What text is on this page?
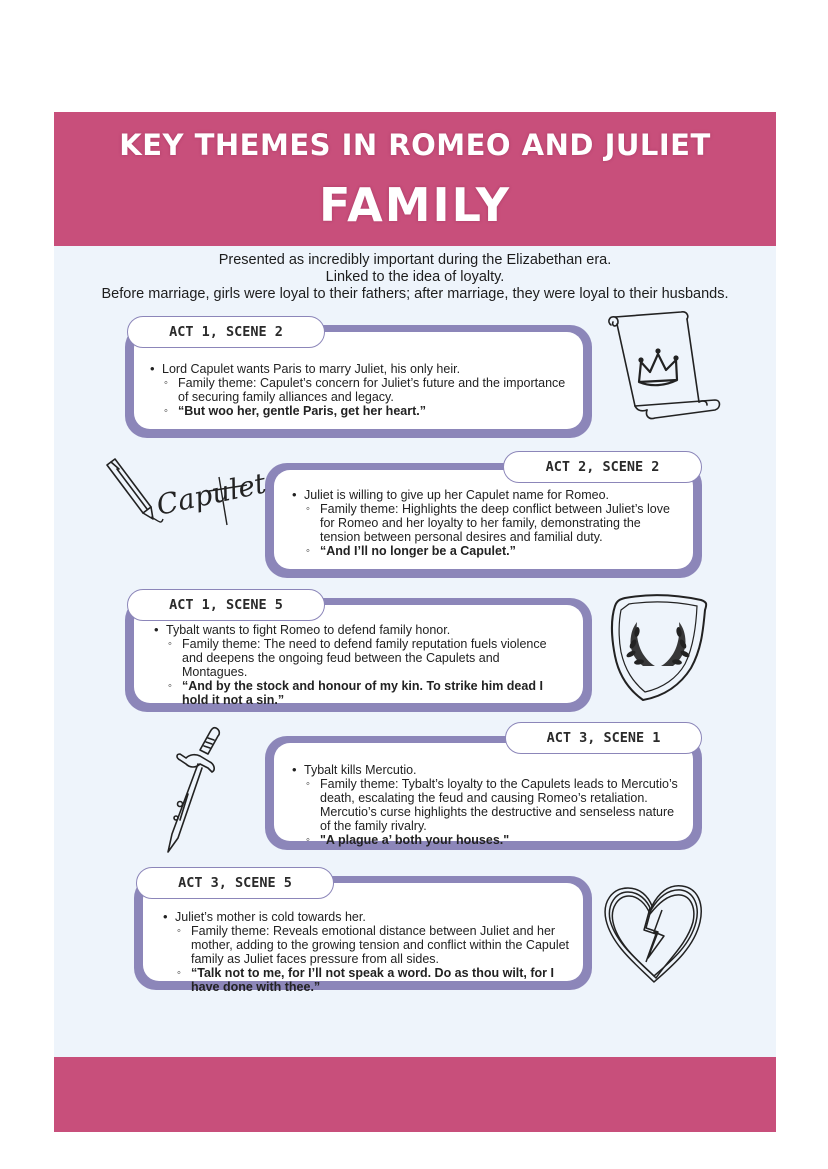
KEY THEMES IN ROMEO AND JULIET
FAMILY
Presented as incredibly important during the Elizabethan era.
Linked to the idea of loyalty.
Before marriage, girls were loyal to their fathers; after marriage, they were loyal to their husbands.
• Lord Capulet wants Paris to marry Juliet, his only heir.
◦ Family theme: Capulet’s concern for Juliet’s future and the importance of securing family alliances and legacy.
◦ “But woo her, gentle Paris, get her heart.”
ACT 1, SCENE 2
• Juliet is willing to give up her Capulet name for Romeo.
◦ Family theme: Highlights the deep conflict between Juliet’s love for Romeo and her loyalty to her family, demonstrating the tension between personal desires and familial duty.
◦ “And I’ll no longer be a Capulet.”
ACT 2, SCENE 2
• Tybalt wants to fight Romeo to defend family honor.
◦ Family theme: The need to defend family reputation fuels violence and deepens the ongoing feud between the Capulets and Montagues.
◦ “And by the stock and honour of my kin. To strike him dead I hold it not a sin.”
ACT 1, SCENE 5
• Tybalt kills Mercutio.
◦ Family theme: Tybalt’s loyalty to the Capulets leads to Mercutio’s death, escalating the feud and causing Romeo’s retaliation. Mercutio’s curse highlights the destructive and senseless nature of the family rivalry.
◦ "A plague a’ both your houses."
ACT 3, SCENE 1
• Juliet’s mother is cold towards her.
◦ Family theme: Reveals emotional distance between Juliet and her mother, adding to the growing tension and conflict within the Capulet family as Juliet faces pressure from all sides.
◦ “Talk not to me, for I’ll not speak a word. Do as thou wilt, for I have done with thee.”
ACT 3, SCENE 5
Capulet
